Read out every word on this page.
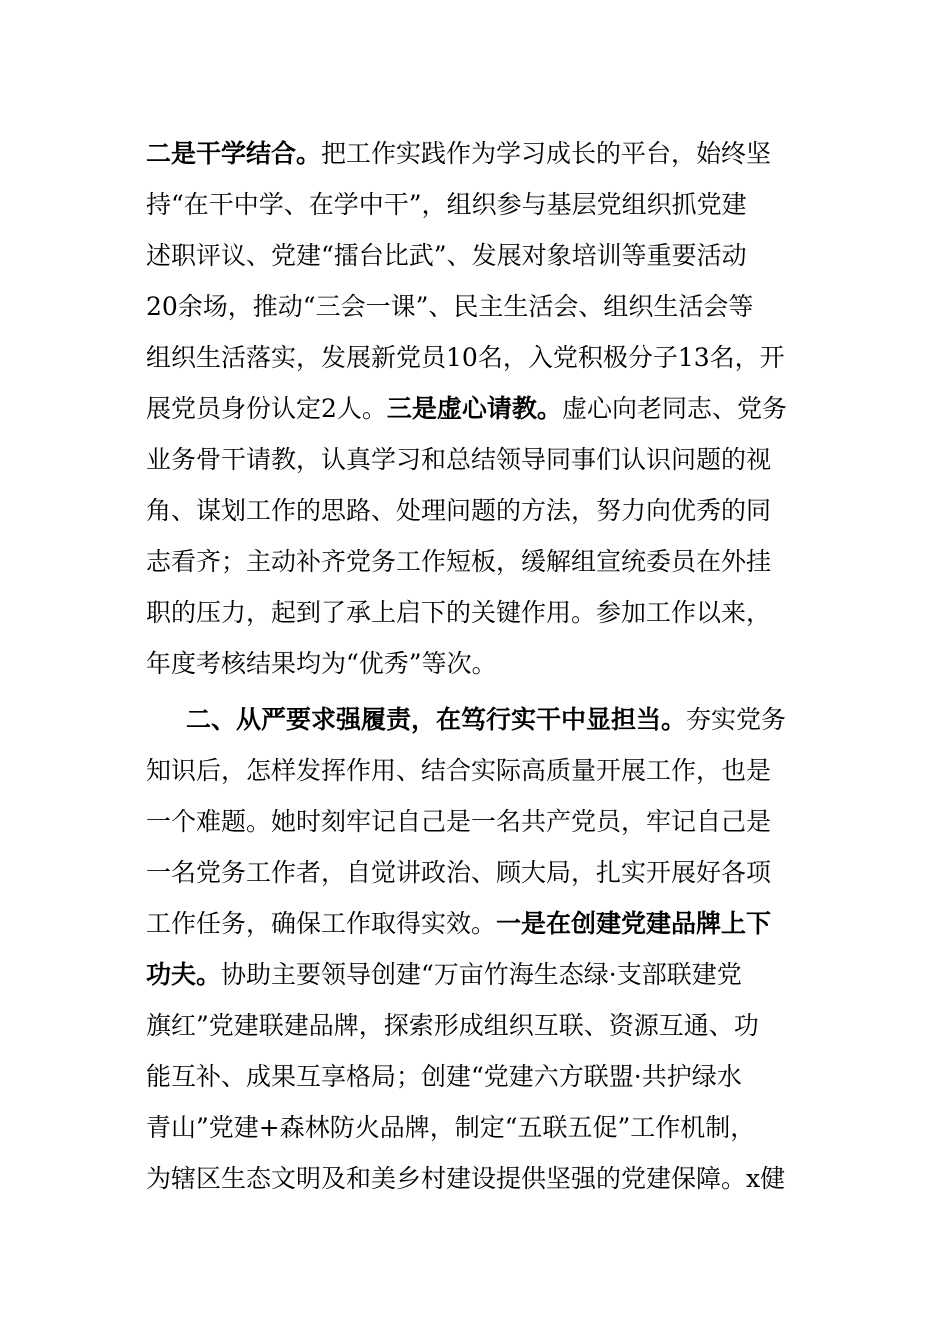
二是干学结合。把工作实践作为学习成长的平台，始终坚
持“在干中学、在学中干”，组织参与基层党组织抓党建
述职评议、党建“擂台比武”、发展对象培训等重要活动
20余场，推动“三会一课”、民主生活会、组织生活会等
组织生活落实，发展新党员10名，入党积极分子13名，开
展党员身份认定2人。三是虚心请教。虚心向老同志、党务
业务骨干请教，认真学习和总结领导同事们认识问题的视
角、谋划工作的思路、处理问题的方法，努力向优秀的同
志看齐；主动补齐党务工作短板，缓解组宣统委员在外挂
职的压力，起到了承上启下的关键作用。参加工作以来，
年度考核结果均为“优秀”等次。
二、从严要求强履责，在笃行实干中显担当。夯实党务
知识后，怎样发挥作用、结合实际高质量开展工作，也是
一个难题。她时刻牢记自己是一名共产党员，牢记自己是
一名党务工作者，自觉讲政治、顾大局，扎实开展好各项
工作任务，确保工作取得实效。一是在创建党建品牌上下
功夫。协助主要领导创建“万亩竹海生态绿·支部联建党
旗红”党建联建品牌，探索形成组织互联、资源互通、功
能互补、成果互享格局；创建“党建六方联盟·共护绿水
青山”党建+森林防火品牌，制定“五联五促”工作机制，
为辖区生态文明及和美乡村建设提供坚强的党建保障。x健
